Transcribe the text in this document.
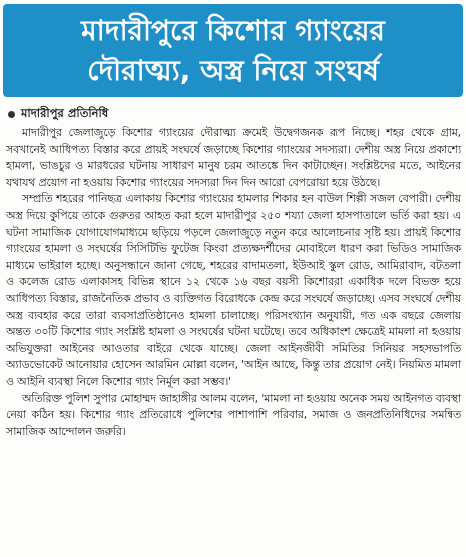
মাদারীপুরে কিশোর গ্যাংয়ের
দৌরাত্ম্য, অস্ত্র নিয়ে সংঘর্ষ
মাদারীপুর প্রতিনিধি

মাদারীপুর জেলাজুড়ে কিশোর গ্যাংয়ের দৌরাত্ম্য ক্রমেই উদ্বেগজনক রূপ নিচ্ছে। শহর থেকে গ্রাম, সবখানেই আধিপত্য বিস্তার করে প্রায়ই সংঘর্ষে জড়াচ্ছে কিশোর গ্যাংয়ের সদস্যরা। দেশীয় অস্ত্র নিয়ে প্রকাশ্যে হামলা, ভাঙচুর ও মারধরের ঘটনায় সাধারণ মানুষ চরম আতঙ্কে দিন কাটাচ্ছেন। সংশ্লিষ্টদের মতে, আইনের যথাযথ প্রয়োগ না হওয়ায় কিশোর গ্যাংয়ের সদস্যরা দিন দিন আরো বেপরোয়া হয়ে উঠছে।

সম্প্রতি শহরের পানিছত্র এলাকায় কিশোর গ্যাংয়ের হামলার শিকার হন বাউল শিল্পী সজল বেপারী। দেশীয় অস্ত্র দিয়ে কুপিয়ে তাকে গুরুতর আহত করা হলে মাদারীপুর ২৫০ শয্যা জেলা হাসপাতালে ভর্তি করা হয়। এ ঘটনা সামাজিক যোগাযোগমাধ্যমে ছড়িয়ে পড়লে জেলাজুড়ে নতুন করে আলোচনার সৃষ্টি হয়। প্রায়ই কিশোর গ্যাংয়ের হামলা ও সংঘর্ষের সিসিটিভি ফুটেজ কিংবা প্রত্যক্ষদর্শীদের মোবাইলে ধারণ করা ভিডিও সামাজিক মাধ্যমে ভাইরাল হচ্ছে। অনুসন্ধানে জানা গেছে, শহরের বাদামতলা, ইউআই স্কুল রোড, আমিরাবাদ, বটতলা ও কলেজ রোড এলাকাসহ বিভিন্ন স্থানে ১২ থেকে ১৬ বছর বয়সী কিশোররা একাধিক দলে বিভক্ত হয়ে আধিপত্য বিস্তার, রাজনৈতিক প্রভাব ও ব্যক্তিগত বিরোধকে কেন্দ্র করে সংঘর্ষে জড়াচ্ছে। এসব সংঘর্ষে দেশীয় অস্ত্র ব্যবহার করে তারা ব্যবসাপ্রতিষ্ঠানেও হামলা চালাচ্ছে। পরিসংখ্যান অনুযায়ী, গত এক বছরে জেলায় অন্তত ৩০টি কিশোর গ্যাং সংশ্লিষ্ট হামলা ও সংঘর্ষের ঘটনা ঘটেছে। তবে অধিকাংশ ক্ষেত্রেই মামলা না হওয়ায় অভিযুক্তরা আইনের আওতার বাইরে থেকে যাচ্ছে। জেলা আইনজীবী সমিতির সিনিয়র সহসভাপতি অ্যাডভোকেট আনোয়ার হোসেন আরমিন মোল্লা বলেন, 'আইন আছে, কিন্তু তার প্রয়োগ নেই। নিয়মিত মামলা ও আইনি ব্যবস্থা নিলে কিশোর গ্যাং নির্মূল করা সম্ভব।'

অতিরিক্ত পুলিশ সুপার মোহাম্মদ জাহাঙ্গীর আলম বলেন, 'মামলা না হওয়ায় অনেক সময় আইনগত ব্যবস্থা নেয়া কঠিন হয়। কিশোর গ্যাং প্রতিরোধে পুলিশের পাশাপাশি পরিবার, সমাজ ও জনপ্রতিনিধিদের সমন্বিত সামাজিক আন্দোলন জরুরি।
